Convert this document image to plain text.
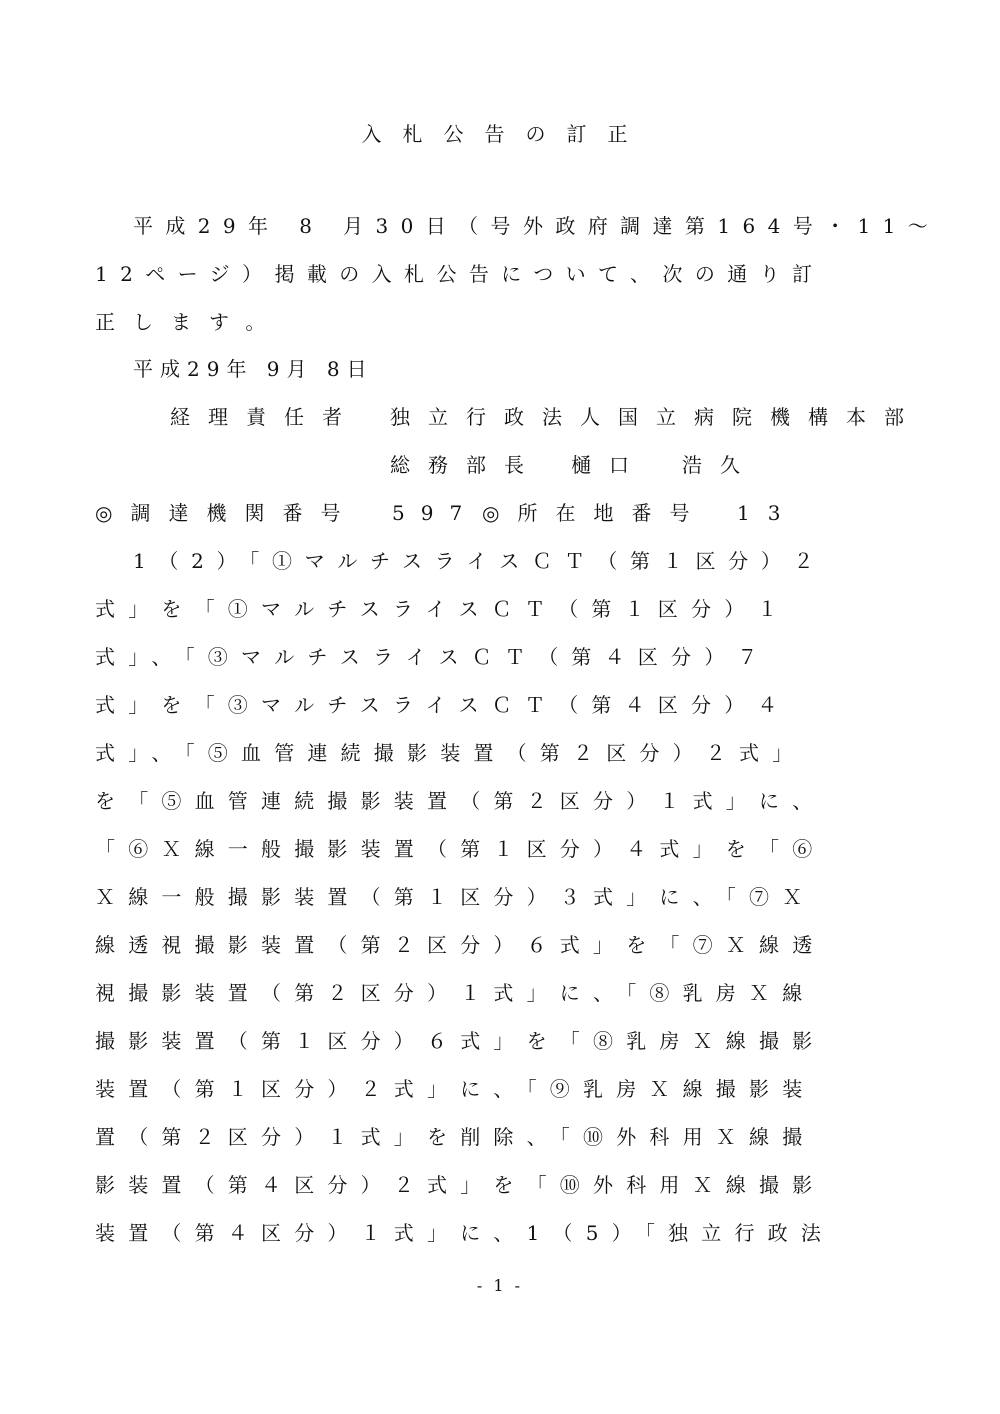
入札公告の訂正
平成29年 8 月30日（号外政府調達第164号・11～
12ページ）掲載の入札公告について、次の通り訂
正します。
平成29年 9月 8日
経理責任者 独立行政法人国立病院機構本部
総務部長 樋口 浩久
◎調達機関番号 597 ◎所在地番号 13
1（2）「①マルチスライスＣＴ（第１区分）２
式」を「①マルチスライスＣＴ（第１区分）１
式」、「③マルチスライスＣＴ（第４区分）７
式」を「③マルチスライスＣＴ（第４区分）４
式」、「⑤血管連続撮影装置（第２区分）２式」
を「⑤血管連続撮影装置（第２区分）１式」に、
「⑥Ｘ線一般撮影装置（第１区分）４式」を「⑥
Ｘ線一般撮影装置（第１区分）３式」に、「⑦Ｘ
線透視撮影装置（第２区分）６式」を「⑦Ｘ線透
視撮影装置（第２区分）１式」に、「⑧乳房Ｘ線
撮影装置（第１区分）６式」を「⑧乳房Ｘ線撮影
装置（第１区分）２式」に、「⑨乳房Ｘ線撮影装
置（第２区分）１式」を削除、「⑩外科用Ｘ線撮
影装置（第４区分）２式」を「⑩外科用Ｘ線撮影
装置（第４区分）１式」に、1（5）「独立行政法
- 1 -
